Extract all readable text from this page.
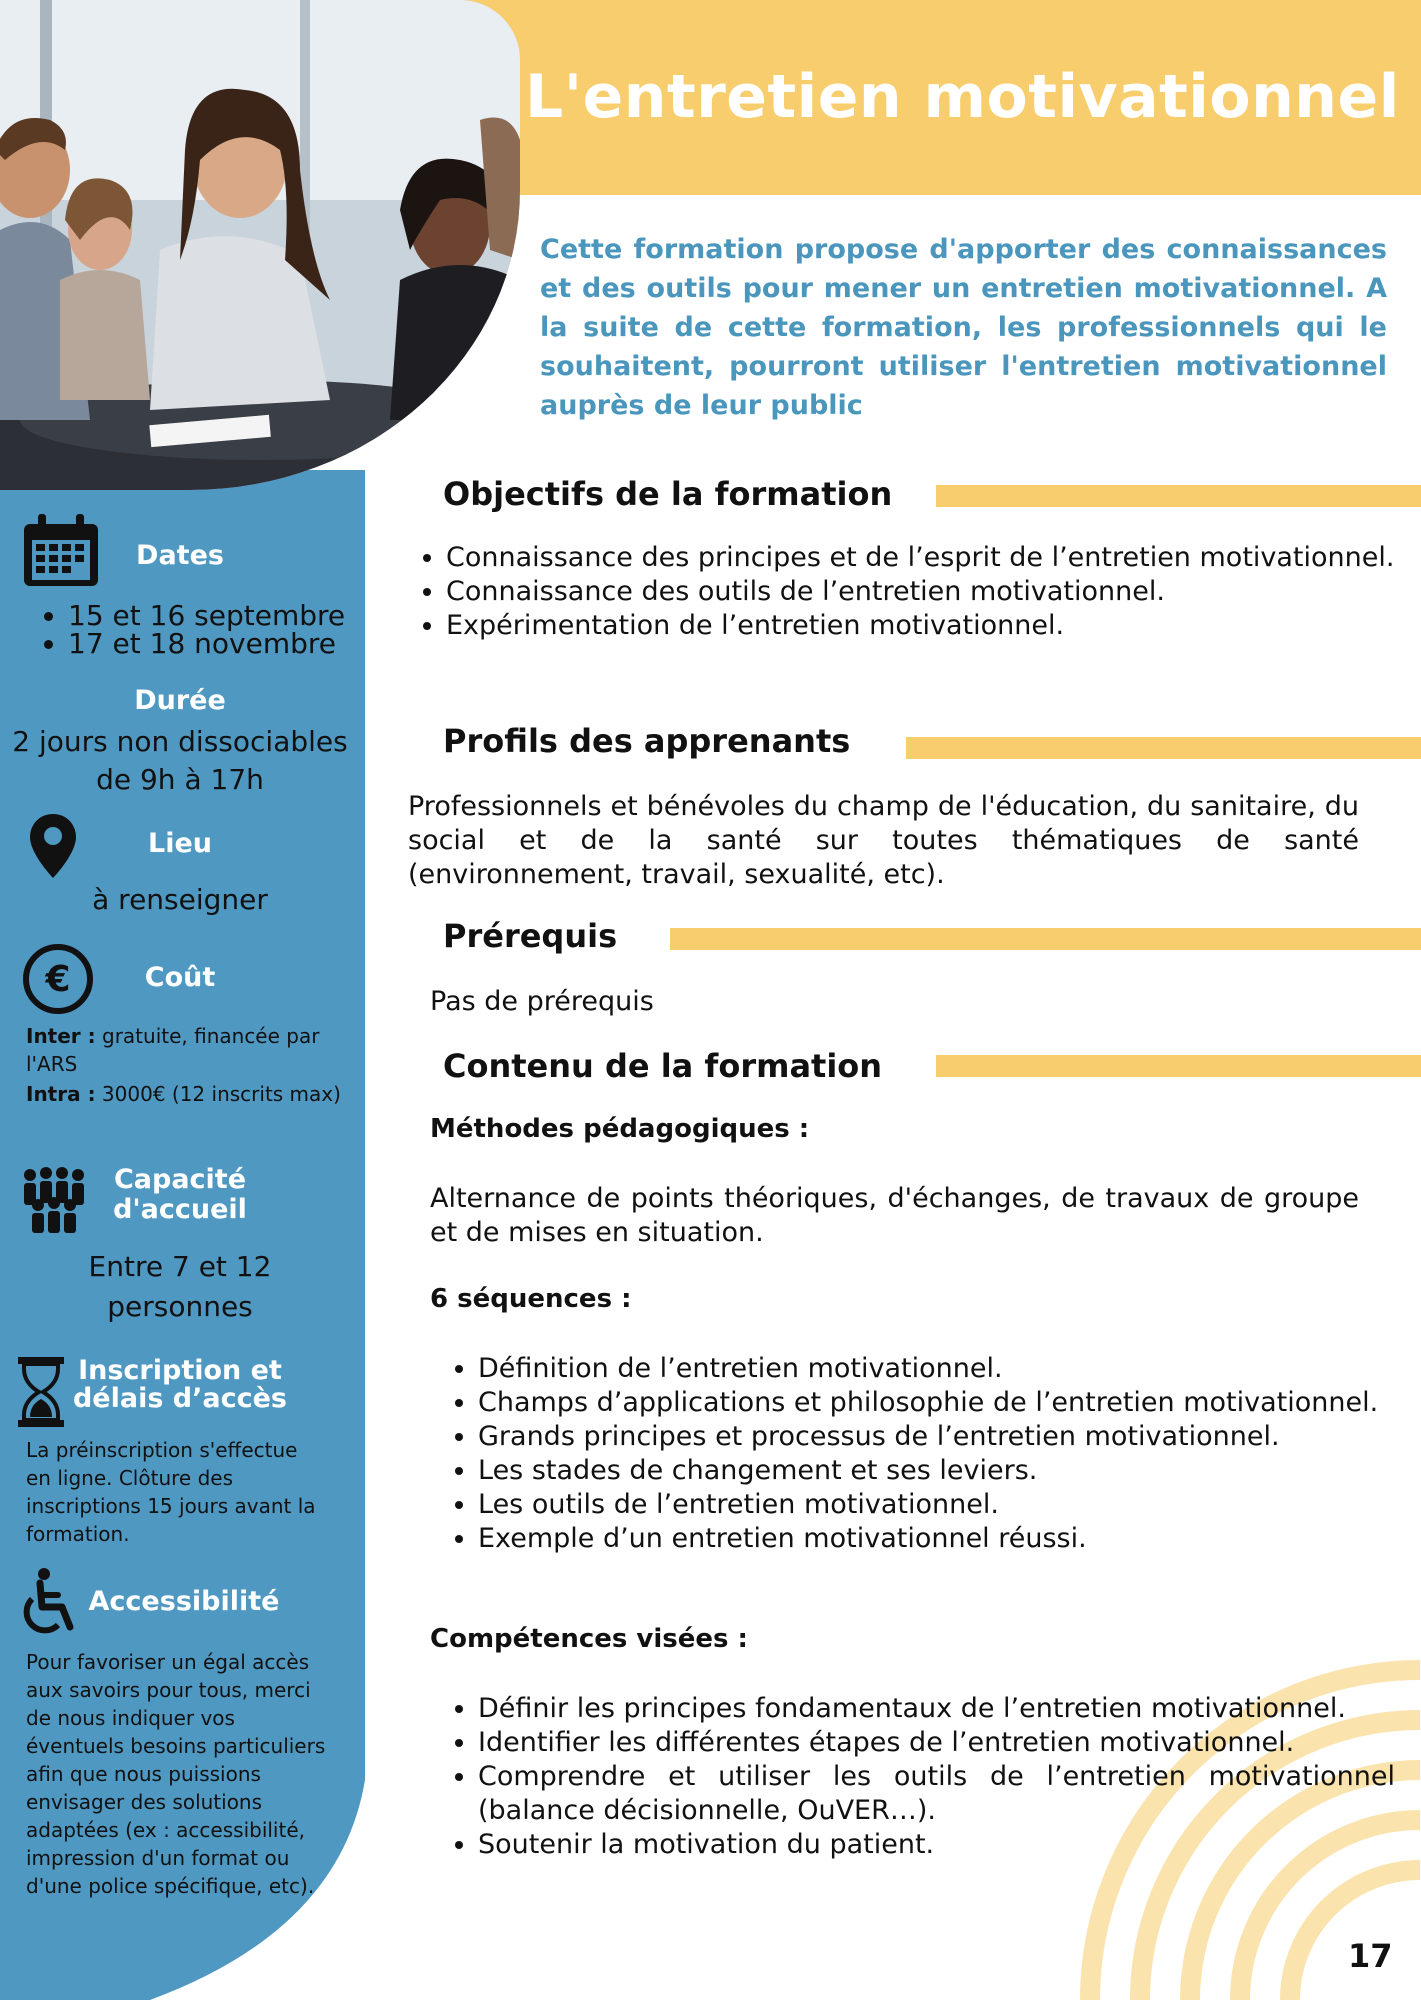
L'entretien motivationnel
Cette formation propose d'apporter des connaissances et des outils pour mener un entretien motivationnel. A la suite de cette formation, les professionnels qui le souhaitent, pourront utiliser l'entretien motivationnel auprès de leur public
Dates
• 15 et 16 septembre
• 17 et 18 novembre
Durée
2 jours non dissociables
de 9h à 17h
Lieu
à renseigner
€	Coût
Inter : gratuite, financée par l'ARS
Intra : 3000€ (12 inscrits max)
Capacité
d'accueil
Entre 7 et 12
personnes
Inscription et
délais d’accès
La préinscription s'effectue en ligne. Clôture des inscriptions 15 jours avant la formation.
Accessibilité
Pour favoriser un égal accès aux savoirs pour tous, merci de nous indiquer vos éventuels besoins particuliers afin que nous puissions envisager des solutions adaptées (ex : accessibilité, impression d'un format ou d'une police spécifique, etc).
Objectifs de la formation
• Connaissance des principes et de l’esprit de l’entretien motivationnel.
• Connaissance des outils de l’entretien motivationnel.
• Expérimentation de l’entretien motivationnel.
Profils des apprenants
Professionnels et bénévoles du champ de l'éducation, du sanitaire, du social et de la santé sur toutes thématiques de santé (environnement, travail, sexualité, etc).
Prérequis
Pas de prérequis
Contenu de la formation
Méthodes pédagogiques :
Alternance de points théoriques, d'échanges, de travaux de groupe et de mises en situation.
6 séquences :
• Définition de l’entretien motivationnel.
• Champs d’applications et philosophie de l’entretien motivationnel.
• Grands principes et processus de l’entretien motivationnel.
• Les stades de changement et ses leviers.
• Les outils de l’entretien motivationnel.
• Exemple d’un entretien motivationnel réussi.
Compétences visées :
• Définir les principes fondamentaux de l’entretien motivationnel.
• Identifier les différentes étapes de l’entretien motivationnel.
• Comprendre et utiliser les outils de l’entretien motivationnel (balance décisionnelle, OuVER…).
• Soutenir la motivation du patient.
17
